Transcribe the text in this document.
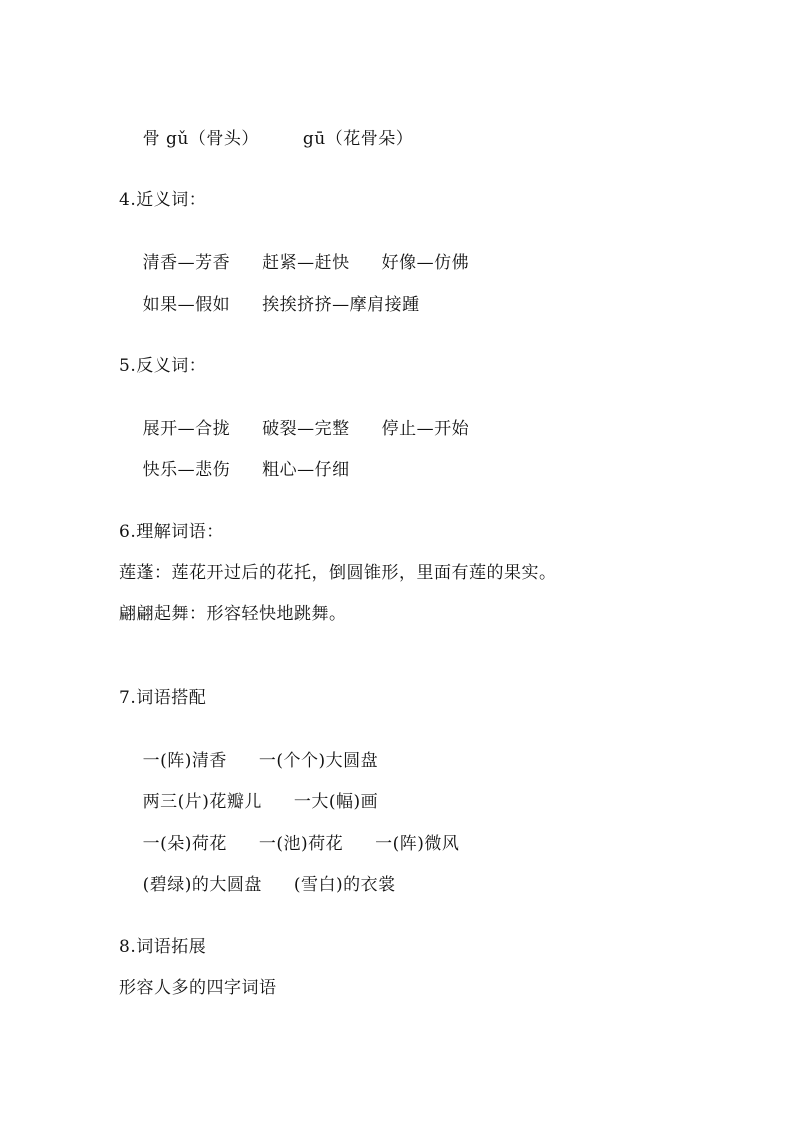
骨 gǔ（骨头）	gū（花骨朵）

4.近义词：

清香—芳香 赶紧—赶快 好像—仿佛

如果—假如 挨挨挤挤—摩肩接踵

5.反义词：

展开—合拢 破裂—完整 停止—开始

快乐—悲伤 粗心—仔细

6.理解词语：
莲蓬：莲花开过后的花托，倒圆锥形，里面有莲的果实。
翩翩起舞：形容轻快地跳舞。
7.词语搭配

一(阵)清香 一(个个)大圆盘

两三(片)花瓣儿 一大(幅)画

一(朵)荷花 一(池)荷花 一(阵)微风

(碧绿)的大圆盘 (雪白)的衣裳

8.词语拓展
形容人多的四字词语
